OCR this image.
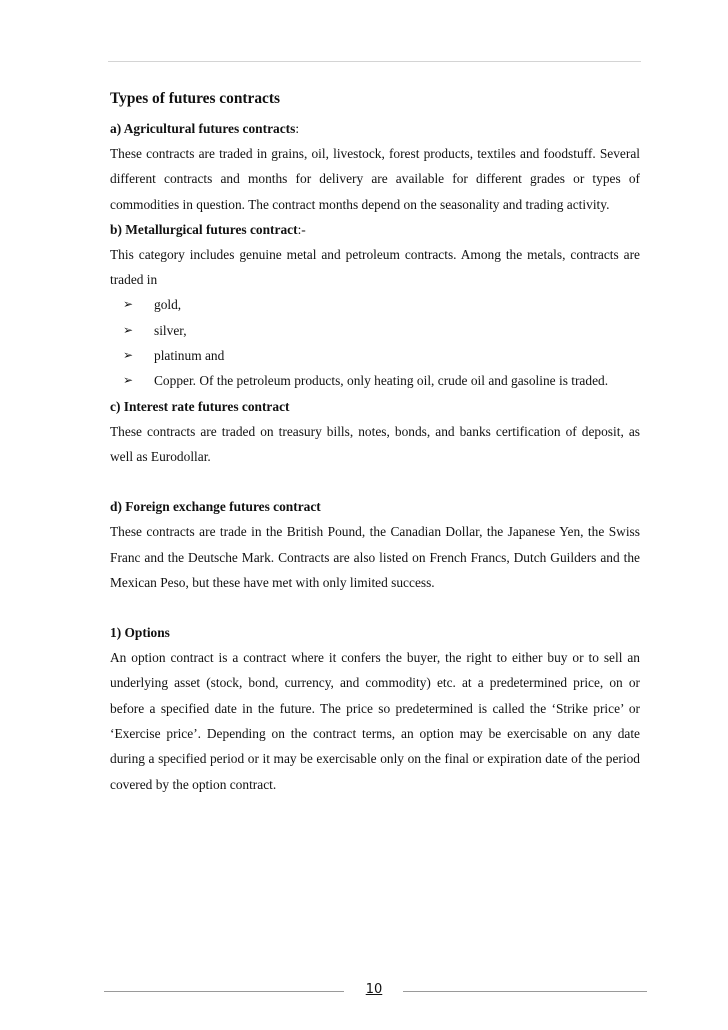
Types of futures contracts
a) Agricultural futures contracts:

These contracts are traded in grains, oil, livestock, forest products, textiles and foodstuff. Several different contracts and months for delivery are available for different grades or types of commodities in question. The contract months depend on the seasonality and trading activity.

b) Metallurgical futures contract:-

This category includes genuine metal and petroleum contracts. Among the metals, contracts are traded in

➢ gold,
➢ silver,
➢ platinum and
➢ Copper. Of the petroleum products, only heating oil, crude oil and gasoline is traded.
c) Interest rate futures contract

These contracts are traded on treasury bills, notes, bonds, and banks certification of deposit, as well as Eurodollar.

d) Foreign exchange futures contract

These contracts are trade in the British Pound, the Canadian Dollar, the Japanese Yen, the Swiss Franc and the Deutsche Mark. Contracts are also listed on French Francs, Dutch Guilders and the Mexican Peso, but these have met with only limited success.

1) Options

An option contract is a contract where it confers the buyer, the right to either buy or to sell an underlying asset (stock, bond, currency, and commodity) etc. at a predetermined price, on or before a specified date in the future. The price so predetermined is called the ‘Strike price’ or ‘Exercise price’. Depending on the contract terms, an option may be exercisable on any date during a specified period or it may be exercisable only on the final or expiration date of the period covered by the option contract.

10
